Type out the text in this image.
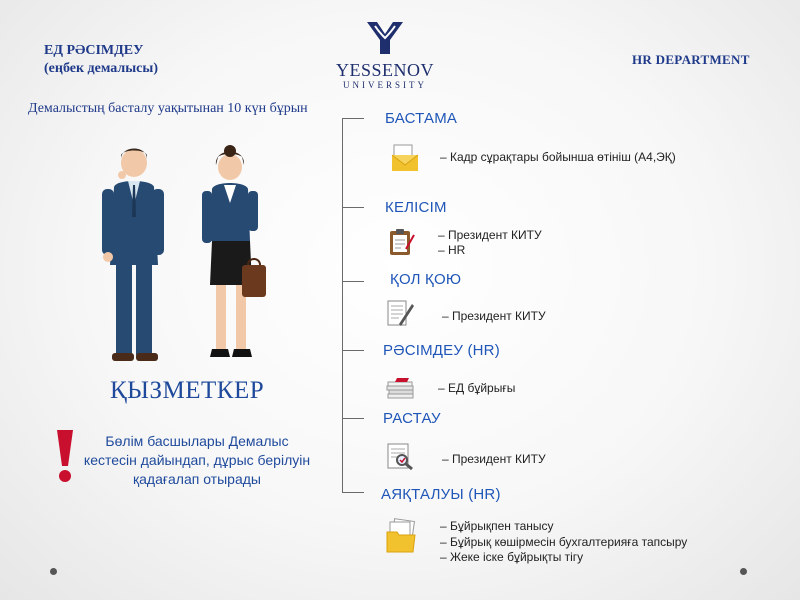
ЕД РӘСІМДЕУ
(еңбек демалысы)
HR DEPARTMENT
YESSENOV
UNIVERSITY
Демалыстың басталу уақытынан 10 күн бұрын
ҚЫЗМЕТКЕР
Бөлім басшылары Демалыс кестесін дайындап, дұрыс берілуін қадағалап отырады
БАСТАМА
– Кадр сұрақтары бойынша өтініш (А4,ЭҚ)
КЕЛІСІМ
– Президент КИТУ
– HR
ҚОЛ ҚОЮ
– Президент КИТУ
РӘСІМДЕУ (HR)
– ЕД бұйрығы
РАСТАУ
– Президент КИТУ
АЯҚТАЛУЫ (HR)
– Бұйрықпен танысу
– Бұйрық көшірмесін бухгалтерияға тапсыру
– Жеке іске бұйрықты тігу
